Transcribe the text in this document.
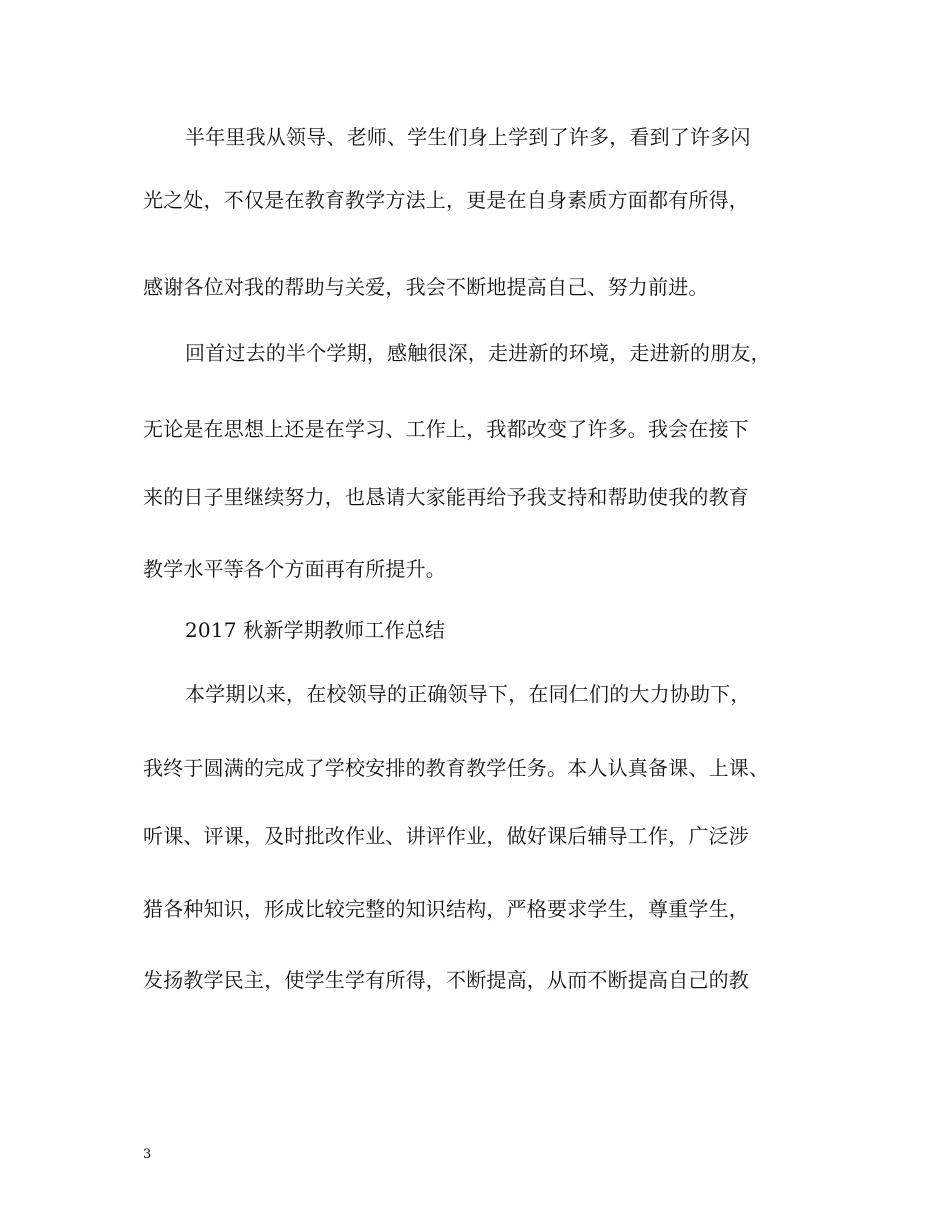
半年里我从领导、老师、学生们身上学到了许多，看到了许多闪
光之处，不仅是在教育教学方法上，更是在自身素质方面都有所得，
感谢各位对我的帮助与关爱，我会不断地提高自己、努力前进。
回首过去的半个学期，感触很深，走进新的环境，走进新的朋友，
无论是在思想上还是在学习、工作上，我都改变了许多。我会在接下
来的日子里继续努力，也恳请大家能再给予我支持和帮助使我的教育
教学水平等各个方面再有所提升。
2017 秋新学期教师工作总结
本学期以来，在校领导的正确领导下，在同仁们的大力协助下，
我终于圆满的完成了学校安排的教育教学任务。本人认真备课、上课、
听课、评课，及时批改作业、讲评作业，做好课后辅导工作，广泛涉
猎各种知识，形成比较完整的知识结构，严格要求学生，尊重学生，
发扬教学民主，使学生学有所得，不断提高，从而不断提高自己的教
3
